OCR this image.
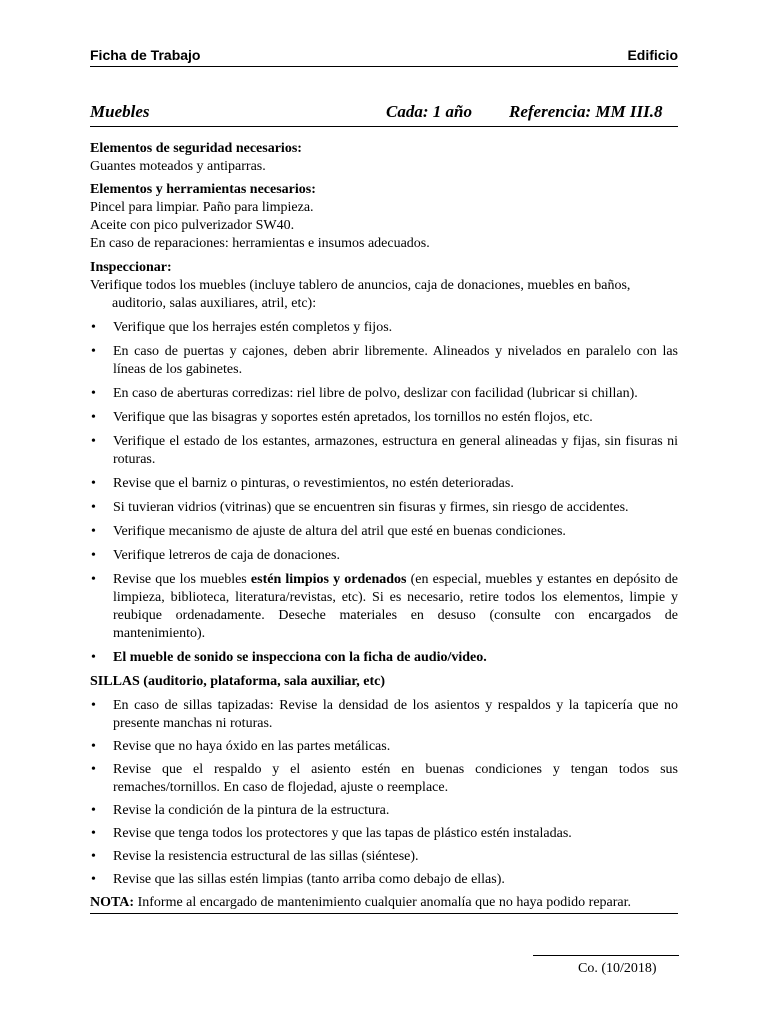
Ficha de Trabajo	Edificio
Muebles	Cada: 1 año Referencia: MM III.8

Elementos de seguridad necesarios:

Guantes moteados y antiparras.

Elementos y herramientas necesarios:

Pincel para limpiar. Paño para limpieza.

Aceite con pico pulverizador SW40.

En caso de reparaciones: herramientas e insumos adecuados.

Inspeccionar:

Verifique todos los muebles (incluye tablero de anuncios, caja de donaciones, muebles en baños, auditorio, salas auxiliares, atril, etc):

• Verifique que los herrajes estén completos y fijos.
• En caso de puertas y cajones, deben abrir libremente. Alineados y nivelados en paralelo con las líneas de los gabinetes.
• En caso de aberturas corredizas: riel libre de polvo, deslizar con facilidad (lubricar si chillan).
• Verifique que las bisagras y soportes estén apretados, los tornillos no estén flojos, etc.
• Verifique el estado de los estantes, armazones, estructura en general alineadas y fijas, sin fisuras ni roturas.
• Revise que el barniz o pinturas, o revestimientos, no estén deterioradas.
• Si tuvieran vidrios (vitrinas) que se encuentren sin fisuras y firmes, sin riesgo de accidentes.
• Verifique mecanismo de ajuste de altura del atril que esté en buenas condiciones.
• Verifique letreros de caja de donaciones.
• Revise que los muebles estén limpios y ordenados (en especial, muebles y estantes en depósito de limpieza, biblioteca, literatura/revistas, etc). Si es necesario, retire todos los elementos, limpie y reubique ordenadamente. Deseche materiales en desuso (consulte con encargados de mantenimiento).
• El mueble de sonido se inspecciona con la ficha de audio/video.

SILLAS (auditorio, plataforma, sala auxiliar, etc)

• En caso de sillas tapizadas: Revise la densidad de los asientos y respaldos y la tapicería que no presente manchas ni roturas.
• Revise que no haya óxido en las partes metálicas.
• Revise que el respaldo y el asiento estén en buenas condiciones y tengan todos sus remaches/tornillos. En caso de flojedad, ajuste o reemplace.
• Revise la condición de la pintura de la estructura.
• Revise que tenga todos los protectores y que las tapas de plástico estén instaladas.
• Revise la resistencia estructural de las sillas (siéntese).
• Revise que las sillas estén limpias (tanto arriba como debajo de ellas).

NOTA: Informe al encargado de mantenimiento cualquier anomalía que no haya podido reparar.

Co. (10/2018)
